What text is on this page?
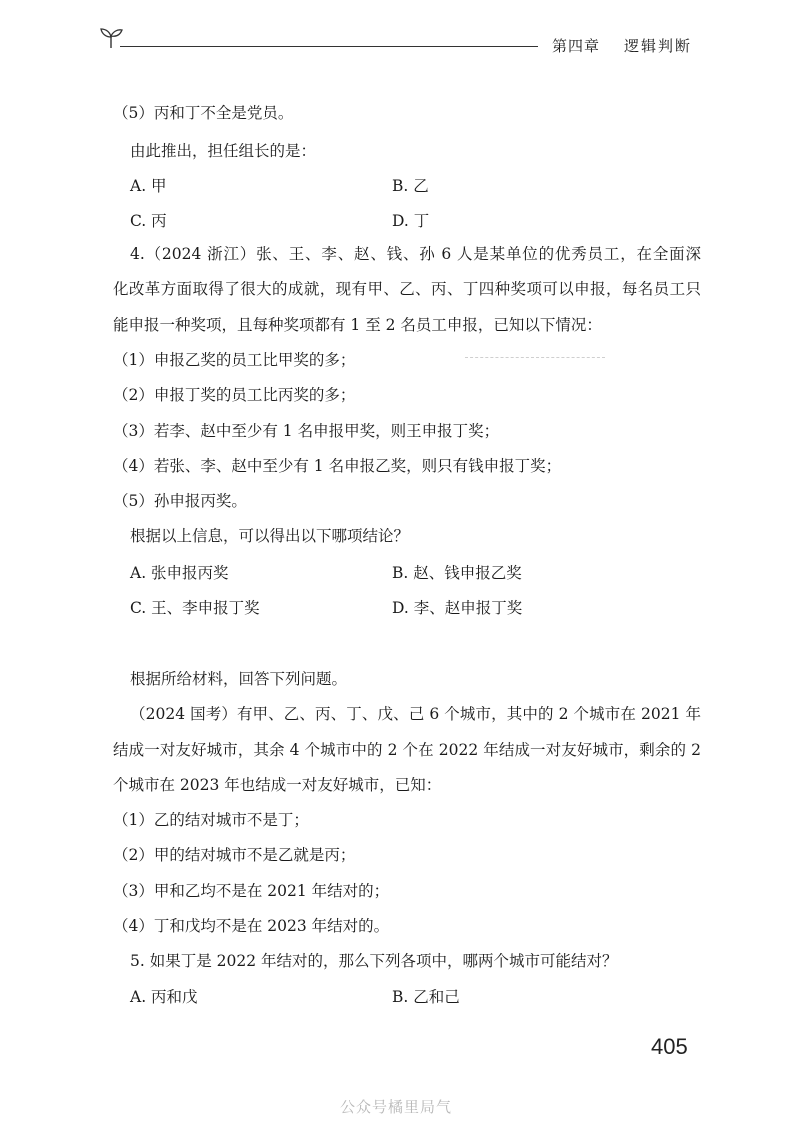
第四章 逻辑判断
（5）丙和丁不全是党员。
由此推出，担任组长的是：
A. 甲	B. 乙
C. 丙	D. 丁
4.（2024 浙江）张、王、李、赵、钱、孙 6 人是某单位的优秀员工，在全面深
化改革方面取得了很大的成就，现有甲、乙、丙、丁四种奖项可以申报，每名员工只
能申报一种奖项，且每种奖项都有 1 至 2 名员工申报，已知以下情况：
（1）申报乙奖的员工比甲奖的多；
（2）申报丁奖的员工比丙奖的多；
（3）若李、赵中至少有 1 名申报甲奖，则王申报丁奖；
（4）若张、李、赵中至少有 1 名申报乙奖，则只有钱申报丁奖；
（5）孙申报丙奖。
根据以上信息，可以得出以下哪项结论？
A. 张申报丙奖	B. 赵、钱申报乙奖
C. 王、李申报丁奖	D. 李、赵申报丁奖
根据所给材料，回答下列问题。
（2024 国考）有甲、乙、丙、丁、戊、己 6 个城市，其中的 2 个城市在 2021 年
结成一对友好城市，其余 4 个城市中的 2 个在 2022 年结成一对友好城市，剩余的 2
个城市在 2023 年也结成一对友好城市，已知：
（1）乙的结对城市不是丁；
（2）甲的结对城市不是乙就是丙；
（3）甲和乙均不是在 2021 年结对的；
（4）丁和戊均不是在 2023 年结对的。
5. 如果丁是 2022 年结对的，那么下列各项中，哪两个城市可能结对？
A. 丙和戊	B. 乙和己
405
公众号橘里局气
